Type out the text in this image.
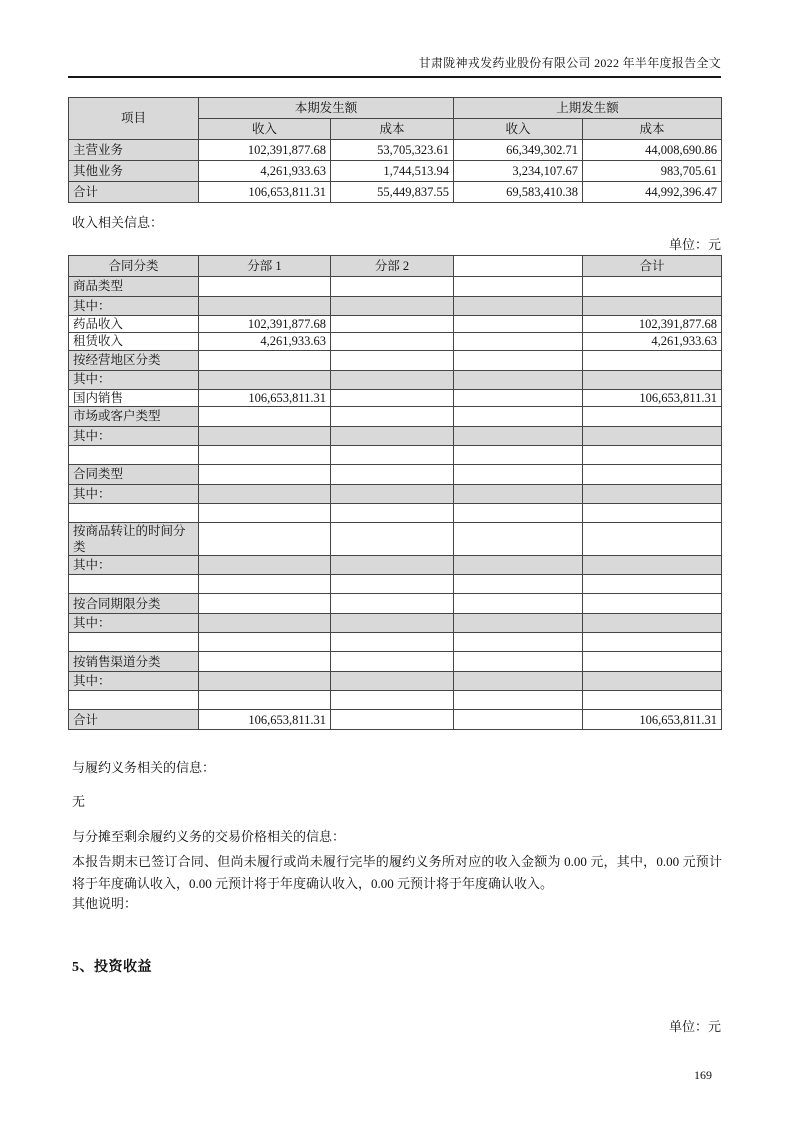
甘肃陇神戎发药业股份有限公司 2022 年半年度报告全文
项目	本期发生额		上期发生额	
	收入	成本	收入	成本
主营业务	102,391,877.68	53,705,323.61	66,349,302.71	44,008,690.86
其他业务	4,261,933.63	1,744,513.94	3,234,107.67	983,705.61
合计	106,653,811.31	55,449,837.55	69,583,410.38	44,992,396.47
收入相关信息：
单位：元
合同分类	分部 1	分部 2		合计
商品类型				
其中：				
药品收入	102,391,877.68			102,391,877.68
租赁收入	4,261,933.63			4,261,933.63
按经营地区分类				
其中：				
国内销售	106,653,811.31			106,653,811.31
市场或客户类型				
其中：				

合同类型				
其中：				

按商品转让的时间分类				
其中：				

按合同期限分类				
其中：				

按销售渠道分类				
其中：				

合计	106,653,811.31			106,653,811.31
与履约义务相关的信息：
无
与分摊至剩余履约义务的交易价格相关的信息：
本报告期末已签订合同、但尚未履行或尚未履行完毕的履约义务所对应的收入金额为 0.00 元，其中，0.00 元预计将于年度确认收入，0.00 元预计将于年度确认收入，0.00 元预计将于年度确认收入。
其他说明：
5、投资收益
单位：元
169
